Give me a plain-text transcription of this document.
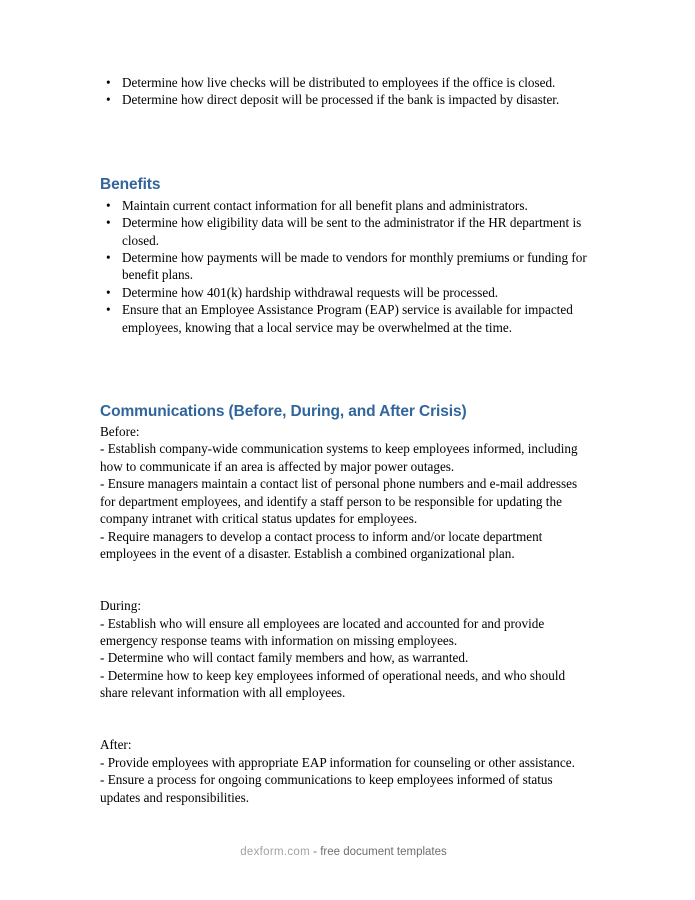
• Determine how live checks will be distributed to employees if the office is closed.
• Determine how direct deposit will be processed if the bank is impacted by disaster.
Benefits
• Maintain current contact information for all benefit plans and administrators.
• Determine how eligibility data will be sent to the administrator if the HR department is closed.
• Determine how payments will be made to vendors for monthly premiums or funding for benefit plans.
• Determine how 401(k) hardship withdrawal requests will be processed.
• Ensure that an Employee Assistance Program (EAP) service is available for impacted employees, knowing that a local service may be overwhelmed at the time.
Communications (Before, During, and After Crisis)

Before:

- Establish company-wide communication systems to keep employees informed, including how to communicate if an area is affected by major power outages.

- Ensure managers maintain a contact list of personal phone numbers and e-mail addresses for department employees, and identify a staff person to be responsible for updating the company intranet with critical status updates for employees.

- Require managers to develop a contact process to inform and/or locate department employees in the event of a disaster. Establish a combined organizational plan.

During:

- Establish who will ensure all employees are located and accounted for and provide emergency response teams with information on missing employees.

- Determine who will contact family members and how, as warranted.

- Determine how to keep key employees informed of operational needs, and who should share relevant information with all employees.

After:

- Provide employees with appropriate EAP information for counseling or other assistance.

- Ensure a process for ongoing communications to keep employees informed of status updates and responsibilities.

dexform.com - free document templates
